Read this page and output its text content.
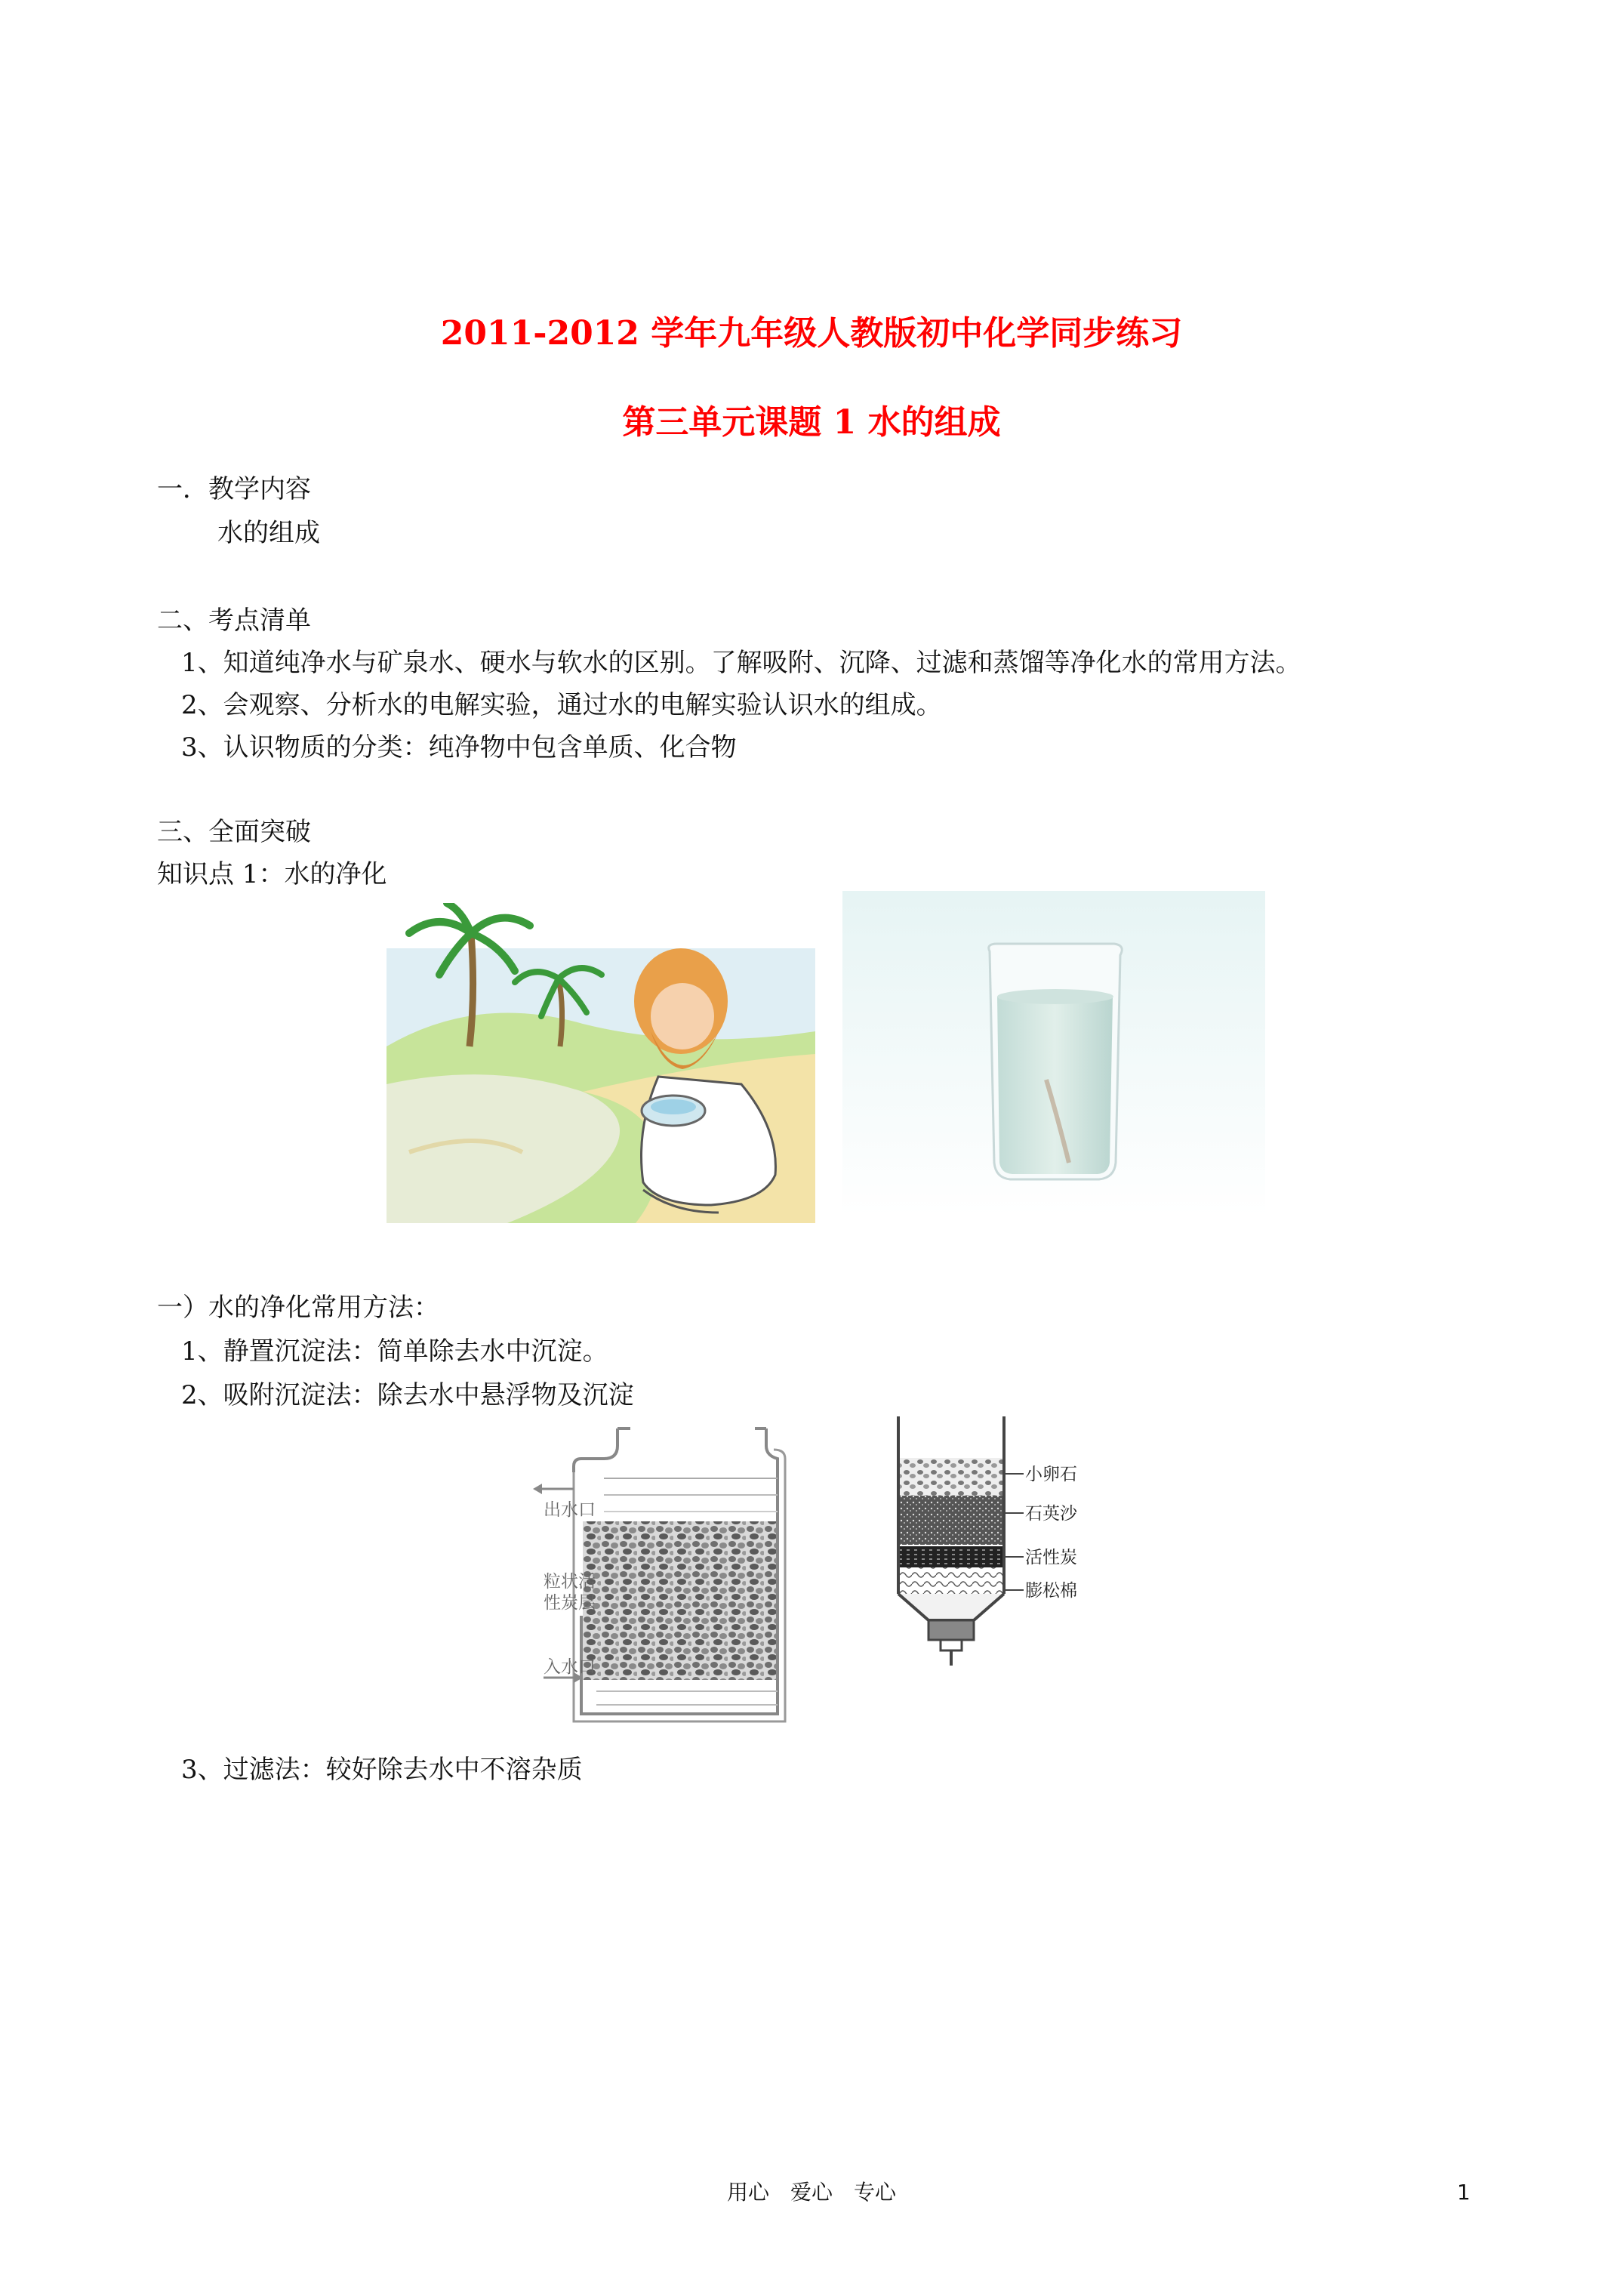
2011-2012 学年九年级人教版初中化学同步练习
第三单元课题 1 水的组成
一．教学内容
水的组成
二、考点清单
1、知道纯净水与矿泉水、硬水与软水的区别。了解吸附、沉降、过滤和蒸馏等净化水的常用方法。
2、会观察、分析水的电解实验，通过水的电解实验认识水的组成。
3、认识物质的分类：纯净物中包含单质、化合物
三、全面突破
知识点 1：水的净化
一）水的净化常用方法：
1、静置沉淀法：简单除去水中沉淀。
2、吸附沉淀法：除去水中悬浮物及沉淀
出水口
粒状活
性炭层
入水口
小卵石
石英沙
活性炭
膨松棉
3、过滤法：较好除去水中不溶杂质
用心　爱心　专心	1
